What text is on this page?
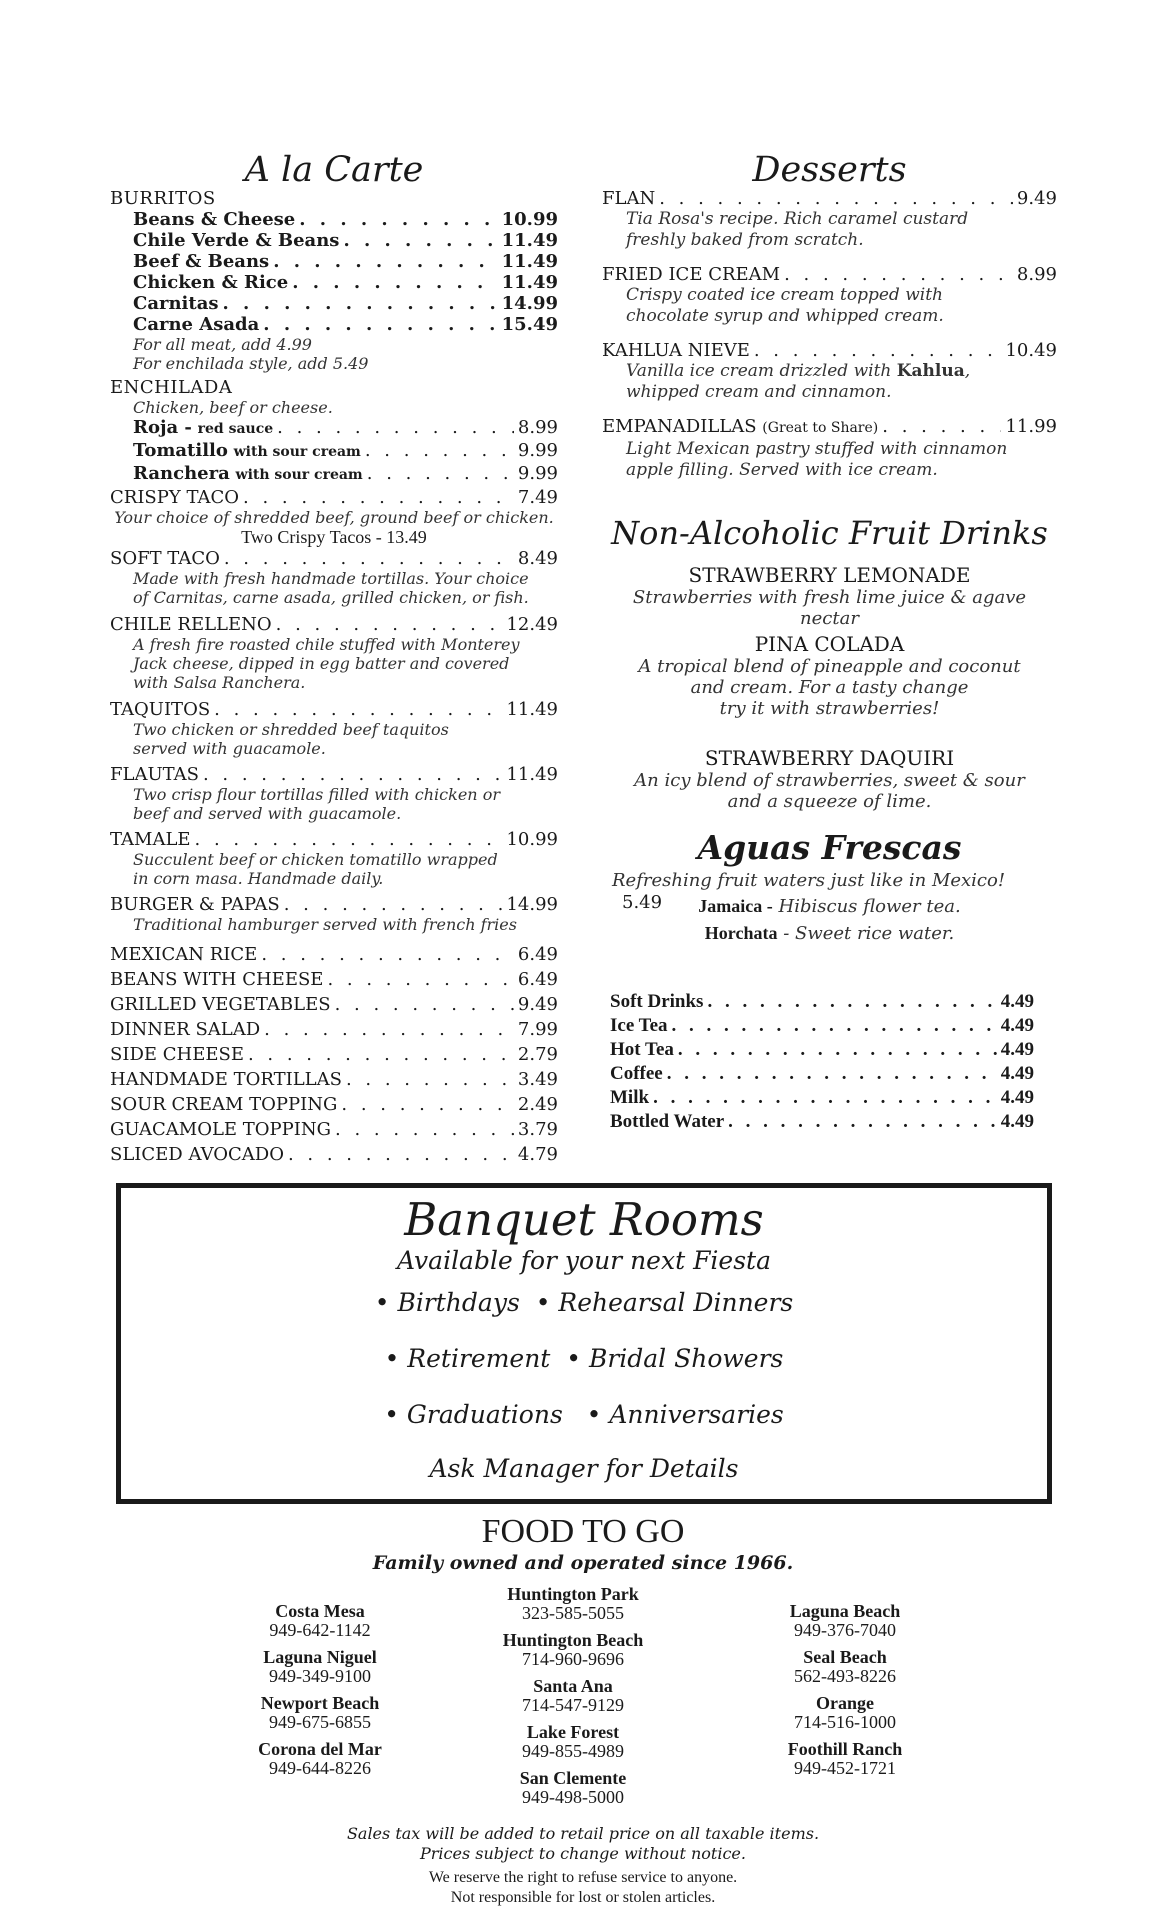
A la Carte
BURRITOS
Beans & Cheese . . .	10.99
Chile Verde & Beans . . .	11.49
Beef & Beans . . .	11.49
Chicken & Rice . . .	11.49
Carnitas . . .	14.99
Carne Asada . . .	15.49
For all meat, add 4.99
For enchilada style, add 5.49
ENCHILADA
Chicken, beef or cheese.
Roja - red sauce . . .	8.99
Tomatillo with sour cream . . .	9.99
Ranchera with sour cream . . .	9.99
CRISPY TACO . . .	7.49
Your choice of shredded beef, ground beef or chicken.
Two Crispy Tacos - 13.49
SOFT TACO . . .	8.49
Made with fresh handmade tortillas. Your choice
of Carnitas, carne asada, grilled chicken, or fish.
CHILE RELLENO . . .	12.49
A fresh fire roasted chile stuffed with Monterey
Jack cheese, dipped in egg batter and covered
with Salsa Ranchera.
TAQUITOS . . .	11.49
Two chicken or shredded beef taquitos
served with guacamole.
FLAUTAS . . .	11.49
Two crisp flour tortillas filled with chicken or
beef and served with guacamole.
TAMALE . . .	10.99
Succulent beef or chicken tomatillo wrapped
in corn masa. Handmade daily.
BURGER & PAPAS . . .	14.99
Traditional hamburger served with french fries
MEXICAN RICE . . .	6.49
BEANS WITH CHEESE . . .	6.49
GRILLED VEGETABLES . . .	9.49
DINNER SALAD . . .	7.99
SIDE CHEESE . . .	2.79
HANDMADE TORTILLAS . . .	3.49
SOUR CREAM TOPPING . . .	2.49
GUACAMOLE TOPPING . . .	3.79
SLICED AVOCADO . . .	4.79
Desserts
FLAN . . .	9.49
Tia Rosa's recipe. Rich caramel custard
freshly baked from scratch.
FRIED ICE CREAM . . .	8.99
Crispy coated ice cream topped with
chocolate syrup and whipped cream.
KAHLUA NIEVE . . .	10.49
Vanilla ice cream drizzled with Kahlua,
whipped cream and cinnamon.
EMPANADILLAS (Great to Share) . . .	11.99
Light Mexican pastry stuffed with cinnamon
apple filling. Served with ice cream.
Non-Alcoholic Fruit Drinks
STRAWBERRY LEMONADE
Strawberries with fresh lime juice & agave nectar
PINA COLADA
A tropical blend of pineapple and coconut
and cream. For a tasty change
try it with strawberries!
STRAWBERRY DAQUIRI
An icy blend of strawberries, sweet & sour
and a squeeze of lime.
Aguas Frescas
Refreshing fruit waters just like in Mexico! 5.49	Jamaica - Hibiscus flower tea.
Horchata - Sweet rice water.
Soft Drinks . . .	4.49
Ice Tea . . .	4.49
Hot Tea . . .	4.49
Coffee . . .	4.49
Milk . . .	4.49
Bottled Water . . .	4.49
Banquet Rooms
Available for your next Fiesta
• Birthdays • Rehearsal Dinners
• Retirement • Bridal Showers
• Graduations • Anniversaries
Ask Manager for Details
FOOD TO GO
Family owned and operated since 1966.
Costa Mesa
949-642-1142
Laguna Niguel
949-349-9100
Newport Beach
949-675-6855
Corona del Mar
949-644-8226
Huntington Park
323-585-5055
Huntington Beach
714-960-9696
Santa Ana
714-547-9129
Lake Forest
949-855-4989
San Clemente
949-498-5000
Laguna Beach
949-376-7040
Seal Beach
562-493-8226
Orange
714-516-1000
Foothill Ranch
949-452-1721
Sales tax will be added to retail price on all taxable items.
Prices subject to change without notice.
We reserve the right to refuse service to anyone.
Not responsible for lost or stolen articles.
